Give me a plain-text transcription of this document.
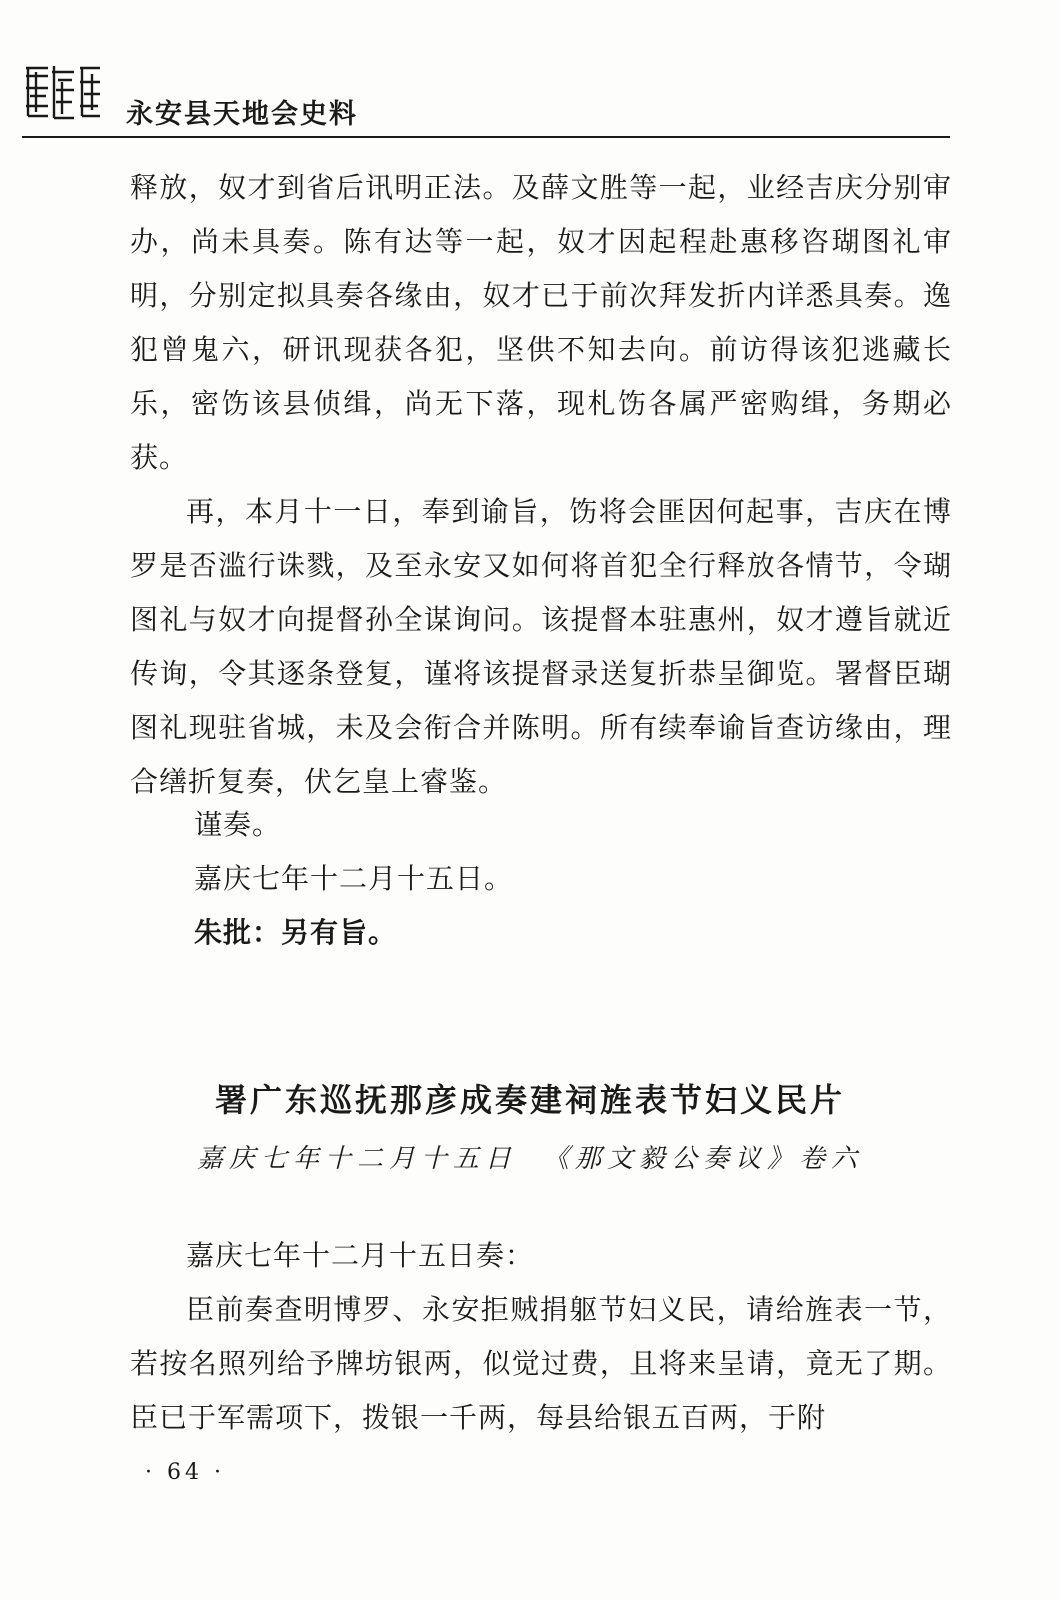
永安县天地会史料

释放，奴才到省后讯明正法。及薛文胜等一起，业经吉庆分别审办，尚未具奏。陈有达等一起，奴才因起程赴惠移咨瑚图礼审明，分别定拟具奏各缘由，奴才已于前次拜发折内详悉具奏。逸犯曾鬼六，研讯现获各犯，坚供不知去向。前访得该犯逃藏长乐，密饬该县侦缉，尚无下落，现札饬各属严密购缉，务期必获。

再，本月十一日，奉到谕旨，饬将会匪因何起事，吉庆在博罗是否滥行诛戮，及至永安又如何将首犯全行释放各情节，令瑚图礼与奴才向提督孙全谋询问。该提督本驻惠州，奴才遵旨就近传询，令其逐条登复，谨将该提督录送复折恭呈御览。署督臣瑚图礼现驻省城，未及会衔合并陈明。所有续奉谕旨查访缘由，理合缮折复奏，伏乞皇上睿鉴。

谨奏。
嘉庆七年十二月十五日。
朱批：另有旨。
署广东巡抚那彦成奏建祠旌表节妇义民片
嘉庆七年十二月十五日 《那文毅公奏议》卷六

嘉庆七年十二月十五日奏：

臣前奏查明博罗、永安拒贼捐躯节妇义民，请给旌表一节，若按名照列给予牌坊银两，似觉过费，且将来呈请，竟无了期。臣已于军需项下，拨银一千两，每县给银五百两，于附

· 64 ·
